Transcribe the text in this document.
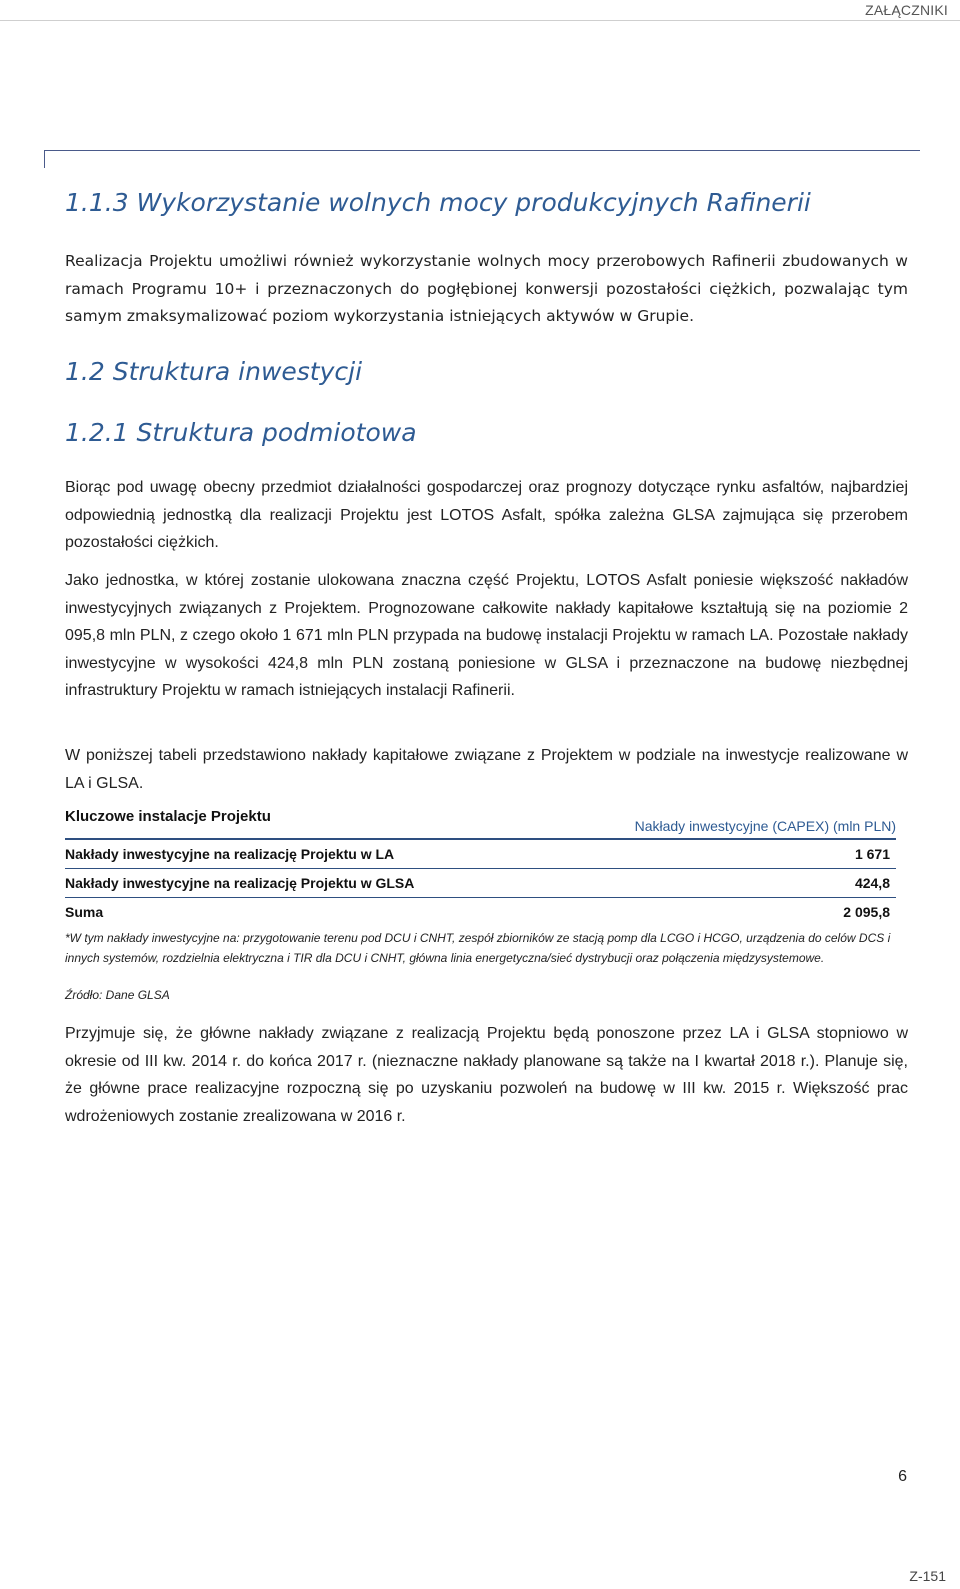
ZAŁĄCZNIKI
1.1.3 Wykorzystanie wolnych mocy produkcyjnych Rafinerii

Realizacja Projektu umożliwi również wykorzystanie wolnych mocy przerobowych Rafinerii zbudowanych w ramach Programu 10+ i przeznaczonych do pogłębionej konwersji pozostałości ciężkich, pozwalając tym samym zmaksymalizować poziom wykorzystania istniejących aktywów w Grupie.

1.2 Struktura inwestycji
1.2.1 Struktura podmiotowa

Biorąc pod uwagę obecny przedmiot działalności gospodarczej oraz prognozy dotyczące rynku asfaltów, najbardziej odpowiednią jednostką dla realizacji Projektu jest LOTOS Asfalt, spółka zależna GLSA zajmująca się przerobem pozostałości ciężkich.

Jako jednostka, w której zostanie ulokowana znaczna część Projektu, LOTOS Asfalt poniesie większość nakładów inwestycyjnych związanych z Projektem. Prognozowane całkowite nakłady kapitałowe kształtują się na poziomie 2 095,8 mln PLN, z czego około 1 671 mln PLN przypada na budowę instalacji Projektu w ramach LA. Pozostałe nakłady inwestycyjne w wysokości 424,8 mln PLN zostaną poniesione w GLSA i przeznaczone na budowę niezbędnej infrastruktury Projektu w ramach istniejących instalacji Rafinerii.

W poniższej tabeli przedstawiono nakłady kapitałowe związane z Projektem w podziale na inwestycje realizowane w LA i GLSA.

Kluczowe instalacje Projektu	Nakłady inwestycyjne (CAPEX) (mln PLN)
Nakłady inwestycyjne na realizację Projektu w LA	1 671
Nakłady inwestycyjne na realizację Projektu w GLSA	424,8
Suma	2 095,8

*W tym nakłady inwestycyjne na: przygotowanie terenu pod DCU i CNHT, zespół zbiorników ze stacją pomp dla LCGO i HCGO, urządzenia do celów DCS i innych systemów, rozdzielnia elektryczna i TIR dla DCU i CNHT, główna linia energetyczna/sieć dystrybucji oraz połączenia międzysystemowe.

Źródło: Dane GLSA

Przyjmuje się, że główne nakłady związane z realizacją Projektu będą ponoszone przez LA i GLSA stopniowo w okresie od III kw. 2014 r. do końca 2017 r. (nieznaczne nakłady planowane są także na I kwartał 2018 r.). Planuje się, że główne prace realizacyjne rozpoczną się po uzyskaniu pozwoleń na budowę w III kw. 2015 r. Większość prac wdrożeniowych zostanie zrealizowana w 2016 r.

6
Z-151
